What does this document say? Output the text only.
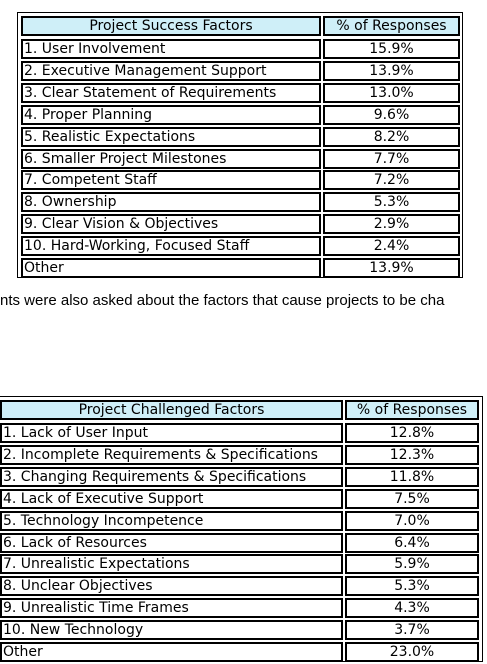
Project Success Factors	% of Responses
1. User Involvement	15.9%
2. Executive Management Support	13.9%
3. Clear Statement of Requirements	13.0%
4. Proper Planning	9.6%
5. Realistic Expectations	8.2%
6. Smaller Project Milestones	7.7%
7. Competent Staff	7.2%
8. Ownership	5.3%
9. Clear Vision & Objectives	2.9%
10. Hard-Working, Focused Staff	2.4%
Other	13.9%
nts were also asked about the factors that cause projects to be cha
Project Challenged Factors	% of Responses
1. Lack of User Input	12.8%
2. Incomplete Requirements & Specifications	12.3%
3. Changing Requirements & Specifications	11.8%
4. Lack of Executive Support	7.5%
5. Technology Incompetence	7.0%
6. Lack of Resources	6.4%
7. Unrealistic Expectations	5.9%
8. Unclear Objectives	5.3%
9. Unrealistic Time Frames	4.3%
10. New Technology	3.7%
Other	23.0%
